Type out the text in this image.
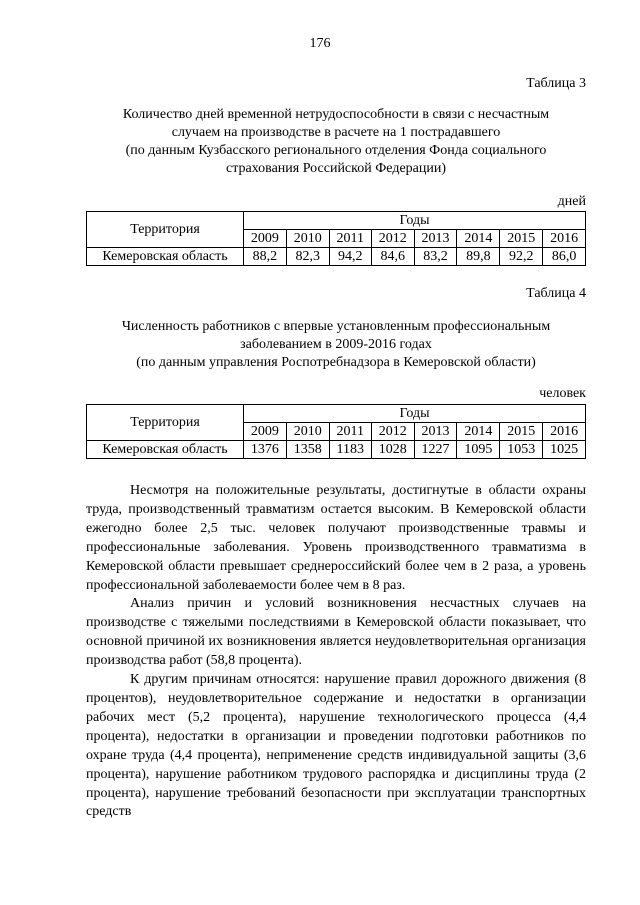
176
Таблица 3
Количество дней временной нетрудоспособности в связи с несчастным
случаем на производстве в расчете на 1 пострадавшего
(по данным Кузбасского регионального отделения Фонда социального
страхования Российской Федерации)
дней
Территория	Годы							
	2009	2010	2011	2012	2013	2014	2015	2016
Кемеровская область	88,2	82,3	94,2	84,6	83,2	89,8	92,2	86,0
Таблица 4
Численность работников с впервые установленным профессиональным
заболеванием в 2009-2016 годах
(по данным управления Роспотребнадзора в Кемеровской области)
человек
Территория	Годы							
	2009	2010	2011	2012	2013	2014	2015	2016
Кемеровская область	1376	1358	1183	1028	1227	1095	1053	1025

Несмотря на положительные результаты, достигнутые в области охраны труда, производственный травматизм остается высоким. В Кемеровской области ежегодно более 2,5 тыс. человек получают производственные травмы и профессиональные заболевания. Уровень производственного травматизма в Кемеровской области превышает среднероссийский более чем в 2 раза, а уровень профессиональной заболеваемости более чем в 8 раз.

Анализ причин и условий возникновения несчастных случаев на производстве с тяжелыми последствиями в Кемеровской области показывает, что основной причиной их возникновения является неудовлетворительная организация производства работ (58,8 процента).

К другим причинам относятся: нарушение правил дорожного движения (8 процентов), неудовлетворительное содержание и недостатки в организации рабочих мест (5,2 процента), нарушение технологического процесса (4,4 процента), недостатки в организации и проведении подготовки работников по охране труда (4,4 процента), неприменение средств индивидуальной защиты (3,6 процента), нарушение работником трудового распорядка и дисциплины труда (2 процента), нарушение требований безопасности при эксплуатации транспортных средств
